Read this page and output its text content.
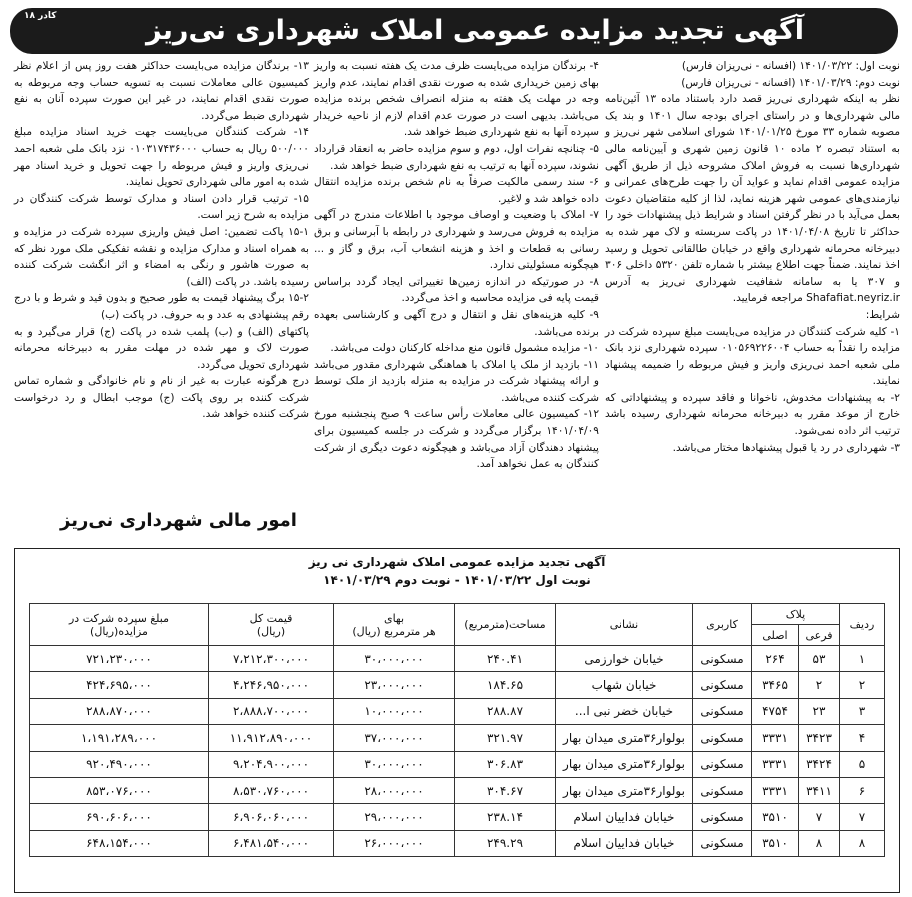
۱۸ کادر	آگهی تجدید مزایده عمومی املاک شهرداری نی‌ریز

نوبت اول: ۱۴۰۱/۰۳/۲۲ (افسانه - نی‌ریزان فارس)

نوبت دوم: ۱۴۰۱/۰۳/۲۹ (افسانه - نی‌ریزان فارس)

نظر به اینکه شهرداری نی‌ریز قصد دارد باستناد ماده ۱۳ آئین‌نامه مالی شهرداری‌ها و در راستای اجرای بودجه سال ۱۴۰۱ و بند یک مصوبه شماره ۳۳ مورخ ۱۴۰۱/۰۱/۲۵ شورای اسلامی شهر نی‌ریز و به استناد تبصره ۲ ماده ۱۰ قانون زمین شهری و آیین‌نامه مالی شهرداری‌ها نسبت به فروش املاک مشروحه ذیل از طریق آگهی مزایده عمومی اقدام نماید و عواید آن را جهت طرح‌های عمرانی و نیازمندی‌های عمومی شهر هزینه نماید، لذا از کلیه متقاضیان دعوت بعمل می‌آید با در نظر گرفتن اسناد و شرایط ذیل پیشنهادات خود را حداکثر تا تاریخ ۱۴۰۱/۰۴/۰۸ در پاکت سربسته و لاک مهر شده به دبیرخانه محرمانه شهرداری واقع در خیابان طالقانی تحویل و رسید اخذ نمایند. ضمناً جهت اطلاع بیشتر با شماره تلفن ۵۳۲۰ داخلی ۳۰۶ و ۳۰۷ یا به سامانه شفافیت شهرداری نی‌ریز به آدرس Shafafiat.neyriz.ir مراجعه فرمایید.

شرایط:

۱- کلیه شرکت کنندگان در مزایده می‌بایست مبلغ سپرده شرکت در مزایده را نقداً به حساب ۰۱۰۵۶۹۲۲۶۰۰۴ سپرده شهرداری نزد بانک ملی شعبه احمد نی‌ریزی واریز و فیش مربوطه را ضمیمه پیشنهاد نمایند.

۲- به پیشنهادات مخدوش، ناخوانا و فاقد سپرده و پیشنهاداتی که خارج از موعد مقرر به دبیرخانه محرمانه شهرداری رسیده باشد ترتیب اثر داده نمی‌شود.

۳- شهرداری در رد یا قبول پیشنهادها مختار می‌باشد.

۴- برندگان مزایده می‌بایست ظرف مدت یک هفته نسبت به واریز بهای زمین خریداری شده به صورت نقدی اقدام نمایند، عدم واریز وجه در مهلت یک هفته به منزله انصراف شخص برنده مزایده می‌باشد. بدیهی است در صورت عدم اقدام لازم از ناحیه خریدار سپرده آنها به نفع شهرداری ضبط خواهد شد.

۵- چنانچه نفرات اول، دوم و سوم مزایده حاضر به انعقاد قرارداد نشوند، سپرده آنها به ترتیب به نفع شهرداری ضبط خواهد شد.

۶- سند رسمی مالکیت صرفاً به نام شخص برنده مزایده انتقال داده خواهد شد و لاغیر.

۷- املاک با وضعیت و اوصاف موجود با اطلاعات مندرج در آگهی مزایده به فروش می‌رسد و شهرداری در رابطه با آبرسانی و برق رسانی به قطعات و اخذ و هزینه انشعاب آب، برق و گاز و ... هیچگونه مسئولیتی ندارد.

۸- در صورتیکه در اندازه زمین‌ها تغییراتی ایجاد گردد براساس قیمت پایه فی مزایده محاسبه و اخذ می‌گردد.

۹- کلیه هزینه‌های نقل و انتقال و درج آگهی و کارشناسی بعهده برنده می‌باشد.

۱۰- مزایده مشمول قانون منع مداخله کارکنان دولت می‌باشد.

۱۱- بازدید از ملک یا املاک با هماهنگی شهرداری مقدور می‌باشد و ارائه پیشنهاد شرکت در مزایده به منزله بازدید از ملک توسط شرکت کننده می‌باشد.

۱۲- کمیسیون عالی معاملات رأس ساعت ۹ صبح پنجشنبه مورخ ۱۴۰۱/۰۴/۰۹ برگزار می‌گردد و شرکت در جلسه کمیسیون برای پیشنهاد دهندگان آزاد می‌باشد و هیچگونه دعوت دیگری از شرکت کنندگان به عمل نخواهد آمد.

۱۳- برندگان مزایده می‌بایست حداکثر هفت روز پس از اعلام نظر کمیسیون عالی معاملات نسبت به تسویه حساب وجه مربوطه به صورت نقدی اقدام نمایند، در غیر این صورت سپرده آنان به نفع شهرداری ضبط می‌گردد.

۱۴- شرکت کنندگان می‌بایست جهت خرید اسناد مزایده مبلغ ۵۰۰/۰۰۰ ریال به حساب ۰۱۰۳۱۷۴۳۶۰۰۰ نزد بانک ملی شعبه احمد نی‌ریزی واریز و فیش مربوطه را جهت تحویل و خرید اسناد مهر شده به امور مالی شهرداری تحویل نمایند.

۱۵- ترتیب قرار دادن اسناد و مدارک توسط شرکت کنندگان در مزایده به شرح زیر است.

۱۵-۱ پاکت تضمین: اصل فیش واریزی سپرده شرکت در مزایده و به همراه اسناد و مدارک مزایده و نقشه تفکیکی ملک مورد نظر که به صورت هاشور و رنگی به امضاء و اثر انگشت شرکت کننده رسیده باشد. در پاکت (الف)

۱۵-۲ برگ پیشنهاد قیمت به طور صحیح و بدون قید و شرط و با درج رقم پیشنهادی به عدد و به حروف. در پاکت (ب)

پاکتهای (الف) و (ب) پلمب شده در پاکت (ج) قرار می‌گیرد و به صورت لاک و مهر شده در مهلت مقرر به دبیرخانه محرمانه شهرداری تحویل می‌گردد.

درج هرگونه عبارت به غیر از نام و نام خانوادگی و شماره تماس شرکت کننده بر روی پاکت (ج) موجب ابطال و رد درخواست شرکت کننده خواهد شد.

امور مالی شهرداری نی‌ریز
آگهی تجدید مزایده عمومی املاک شهرداری نی ریز
نوبت اول ۱۴۰۱/۰۳/۲۲ - نوبت دوم ۱۴۰۱/۰۳/۲۹
ردیف	پلاک		کاربری	نشانی	مساحت(مترمربع)	بهای
هر مترمربع (ریال)	قیمت کل
(ریال)	مبلغ سپرده شرکت در
مزایده(ریال)
	فرعی	اصلی						
۱	۵۳	۲۶۴	مسکونی	خیابان خوارزمی	۲۴۰.۴۱	۳۰،۰۰۰،۰۰۰	۷،۲۱۲،۳۰۰،۰۰۰	۷۲۱،۲۳۰،۰۰۰
۲	۲	۳۴۶۵	مسکونی	خیابان شهاب	۱۸۴.۶۵	۲۳،۰۰۰،۰۰۰	۴،۲۴۶،۹۵۰،۰۰۰	۴۲۴،۶۹۵،۰۰۰
۳	۲۳	۴۷۵۴	مسکونی	خیابان خضر نبی ا...	۲۸۸.۸۷	۱۰،۰۰۰،۰۰۰	۲،۸۸۸،۷۰۰،۰۰۰	۲۸۸،۸۷۰،۰۰۰
۴	۳۴۲۳	۳۳۳۱	مسکونی	بولوار۳۶متری میدان بهار	۳۲۱.۹۷	۳۷،۰۰۰،۰۰۰	۱۱،۹۱۲،۸۹۰،۰۰۰	۱،۱۹۱،۲۸۹،۰۰۰
۵	۳۴۲۴	۳۳۳۱	مسکونی	بولوار۳۶متری میدان بهار	۳۰۶.۸۳	۳۰،۰۰۰،۰۰۰	۹،۲۰۴،۹۰۰،۰۰۰	۹۲۰،۴۹۰،۰۰۰
۶	۳۴۱۱	۳۳۳۱	مسکونی	بولوار۳۶متری میدان بهار	۳۰۴.۶۷	۲۸،۰۰۰،۰۰۰	۸،۵۳۰،۷۶۰،۰۰۰	۸۵۳،۰۷۶،۰۰۰
۷	۷	۳۵۱۰	مسکونی	خیابان فداییان اسلام	۲۳۸.۱۴	۲۹،۰۰۰،۰۰۰	۶،۹۰۶،۰۶۰،۰۰۰	۶۹۰،۶۰۶،۰۰۰
۸	۸	۳۵۱۰	مسکونی	خیابان فداییان اسلام	۲۴۹.۲۹	۲۶،۰۰۰،۰۰۰	۶،۴۸۱،۵۴۰،۰۰۰	۶۴۸،۱۵۴،۰۰۰
